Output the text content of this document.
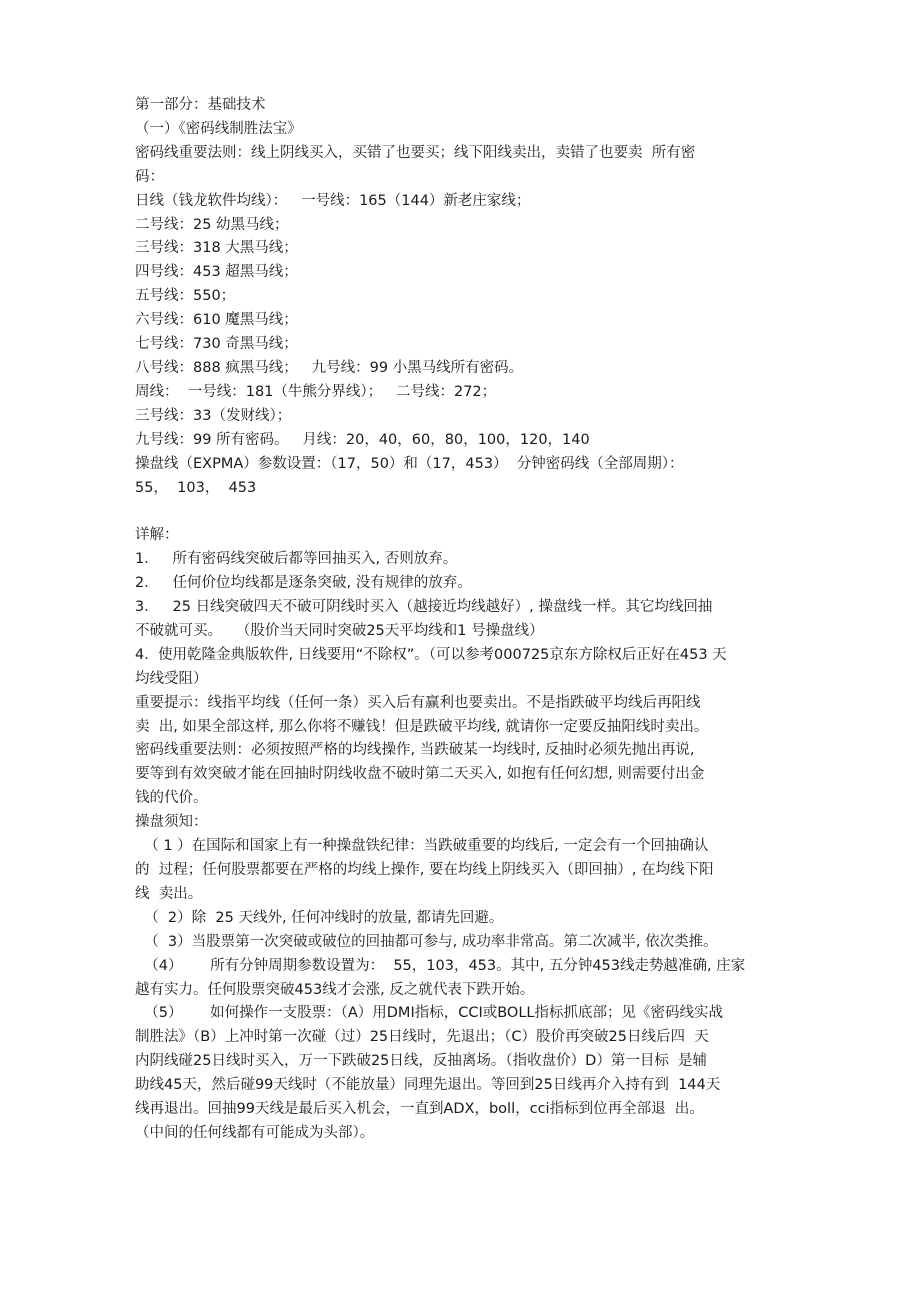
第一部分：基础技术
（一）《密码线制胜法宝》
密码线重要法则：线上阴线买入，买错了也要买；线下阳线卖出，卖错了也要卖  所有密
码：
日线（钱龙软件均线）：   一号线：165（144）新老庄家线；
二号线：25 幼黑马线；
三号线：318 大黑马线；
四号线：453 超黑马线；
五号线：550；
六号线：610 魔黑马线；
七号线：730 奇黑马线；
八号线：888 疯黑马线；   九号线：99 小黑马线所有密码。
周线：  一号线：181（牛熊分界线）；   二号线：272；
三号线：33（发财线）；
九号线：99 所有密码。   月线：20，40，60，80，100，120，140
操盘线（EXPMA）参数设置：（17，50）和（17，453）  分钟密码线（全部周期）：
55，  103，  453
详解：
1．   所有密码线突破后都等回抽买入, 否则放弃。
2．   任何价位均线都是逐条突破, 没有规律的放弃。
3．   25 日线突破四天不破可阴线时买入（越接近均线越好）, 操盘线一样。其它均线回抽
不破就可买。   （股价当天同时突破25天平均线和1 号操盘线）
4.  使用乾隆金典版软件, 日线要用“不除权”。（可以参考000725京东方除权后正好在453 天
均线受阻）
重要提示：线指平均线（任何一条）买入后有赢利也要卖出。不是指跌破平均线后再阳线
卖  出, 如果全部这样, 那么你将不赚钱！但是跌破平均线, 就请你一定要反抽阳线时卖出。
密码线重要法则：必须按照严格的均线操作, 当跌破某一均线时, 反抽时必须先抛出再说,
要等到有效突破才能在回抽时阴线收盘不破时第二天买入, 如抱有任何幻想, 则需要付出金
钱的代价。
操盘须知：
（ 1 ）在国际和国家上有一种操盘铁纪律：当跌破重要的均线后, 一定会有一个回抽确认
的  过程；任何股票都要在严格的均线上操作, 要在均线上阴线买入（即回抽）, 在均线下阳
线  卖出。
（  2）除  25 天线外, 任何冲线时的放量, 都请先回避。
（  3）当股票第一次突破或破位的回抽都可参与, 成功率非常高。第二次减半, 依次类推。
（4）      所有分钟周期参数设置为：  55，103，453。其中, 五分钟453线走势越准确, 庄家
越有实力。任何股票突破453线才会涨, 反之就代表下跌开始。
（5）      如何操作一支股票：（A）用DMI指标，CCI或BOLL指标抓底部；见《密码线实战
制胜法》（B）上冲时第一次碰（过）25日线时，先退出；（C）股价再突破25日线后四  天
内阴线碰25日线时买入，万一下跌破25日线，反抽离场。（指收盘价）D）第一目标  是辅
助线45天，然后碰99天线时（不能放量）同理先退出。等回到25日线再介入持有到  144天
线再退出。回抽99天线是最后买入机会，一直到ADX，boll，cci指标到位再全部退  出。
（中间的任何线都有可能成为头部）。
